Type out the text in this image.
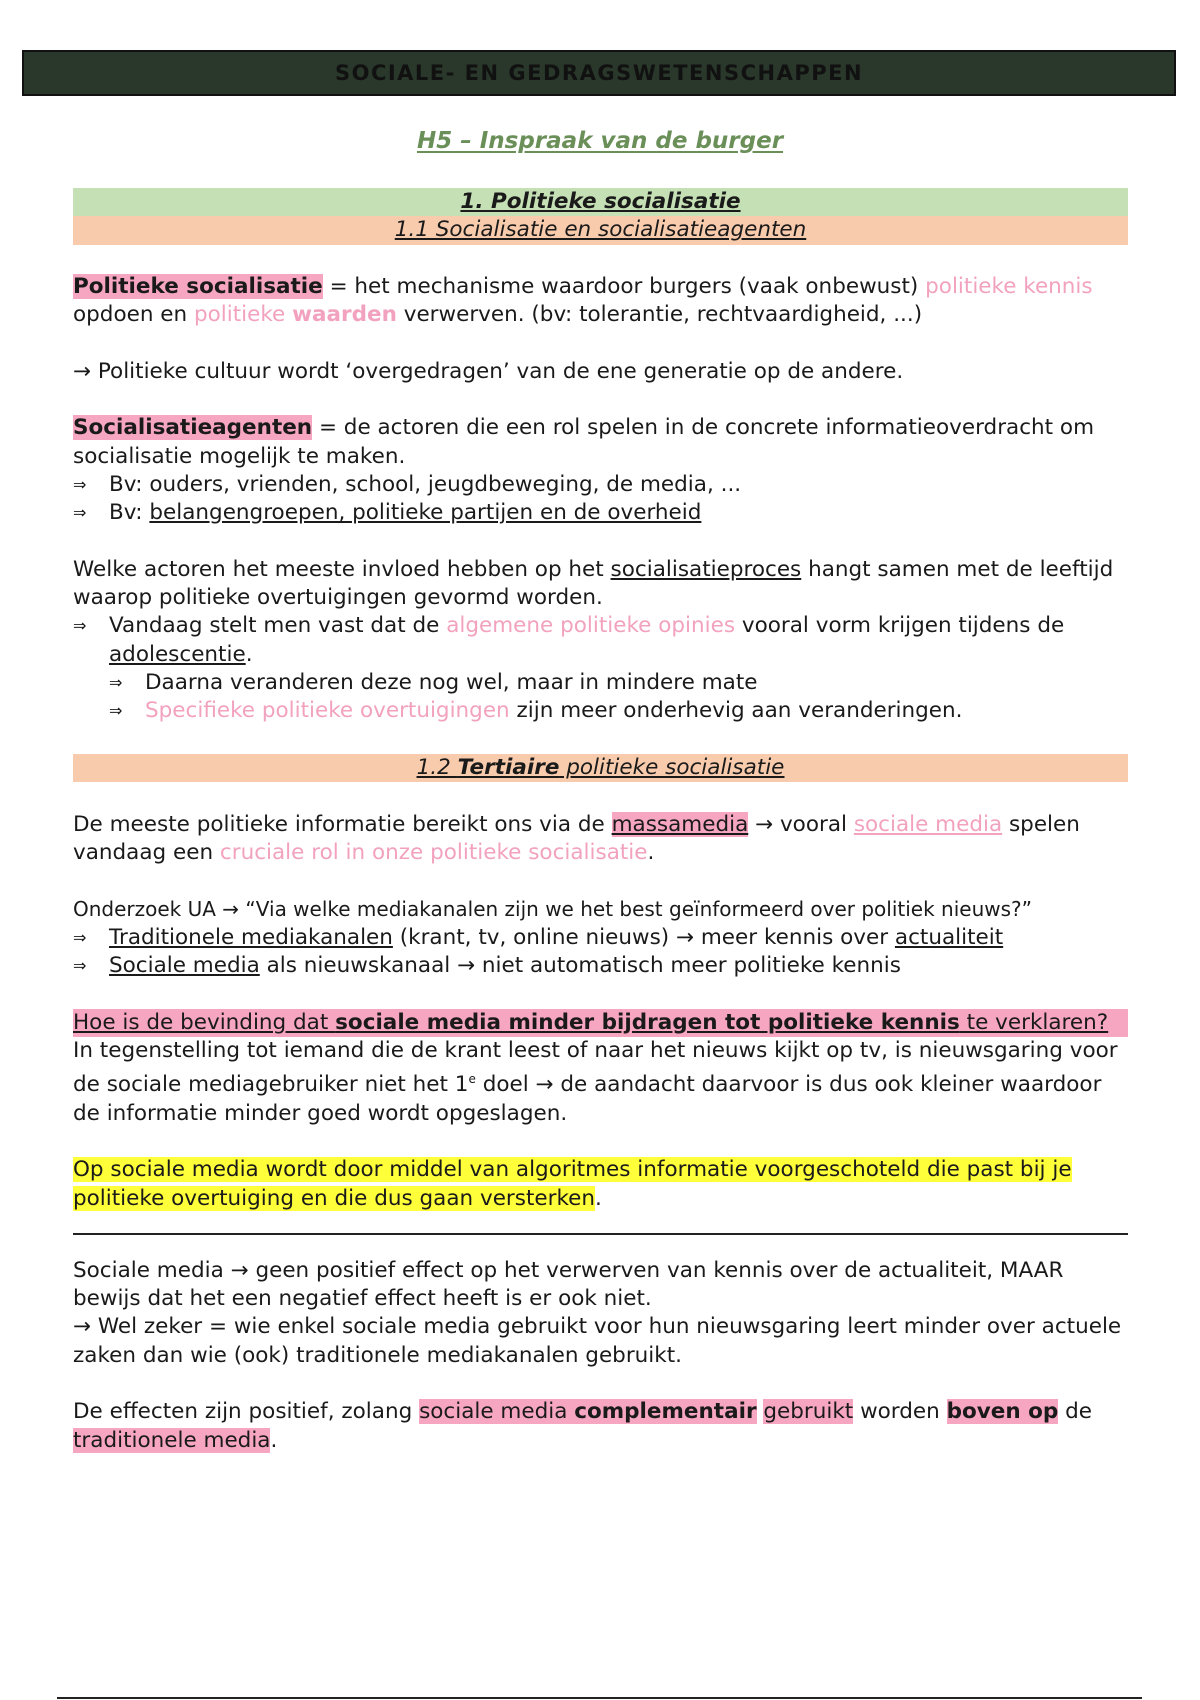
SOCIALE- EN GEDRAGSWETENSCHAPPEN
H5 – Inspraak van de burger
1. Politieke socialisatie
1.1 Socialisatie en socialisatieagenten

Politieke socialisatie = het mechanisme waardoor burgers (vaak onbewust) politieke kennis opdoen en politieke waarden verwerven. (bv: tolerantie, rechtvaardigheid, ...)

→ Politieke cultuur wordt ‘overgedragen’ van de ene generatie op de andere.

Socialisatieagenten = de actoren die een rol spelen in de concrete informatieoverdracht om socialisatie mogelijk te maken.

⇒	Bv: ouders, vrienden, school, jeugdbeweging, de media, ...
⇒	Bv: belangengroepen, politieke partijen en de overheid

Welke actoren het meeste invloed hebben op het socialisatieproces hangt samen met de leeftijd waarop politieke overtuigingen gevormd worden.

⇒	Vandaag stelt men vast dat de algemene politieke opinies vooral vorm krijgen tijdens de adolescentie.
⇒	Daarna veranderen deze nog wel, maar in mindere mate
⇒	Specifieke politieke overtuigingen zijn meer onderhevig aan veranderingen.
1.2 Tertiaire politieke socialisatie

De meeste politieke informatie bereikt ons via de massamedia → vooral sociale media spelen vandaag een cruciale rol in onze politieke socialisatie.

Onderzoek UA → “Via welke mediakanalen zijn we het best geïnformeerd over politiek nieuws?”

⇒	Traditionele mediakanalen (krant, tv, online nieuws) → meer kennis over actualiteit
⇒	Sociale media als nieuwskanaal → niet automatisch meer politieke kennis

Hoe is de bevinding dat sociale media minder bijdragen tot politieke kennis te verklaren?

In tegenstelling tot iemand die de krant leest of naar het nieuws kijkt op tv, is nieuwsgaring voor de sociale mediagebruiker niet het 1e doel → de aandacht daarvoor is dus ook kleiner waardoor de informatie minder goed wordt opgeslagen.

Op sociale media wordt door middel van algoritmes informatie voorgeschoteld die past bij je politieke overtuiging en die dus gaan versterken.

Sociale media → geen positief effect op het verwerven van kennis over de actualiteit, MAAR bewijs dat het een negatief effect heeft is er ook niet.

→ Wel zeker = wie enkel sociale media gebruikt voor hun nieuwsgaring leert minder over actuele zaken dan wie (ook) traditionele mediakanalen gebruikt.

De effecten zijn positief, zolang sociale media complementair gebruikt worden boven op de traditionele media.
